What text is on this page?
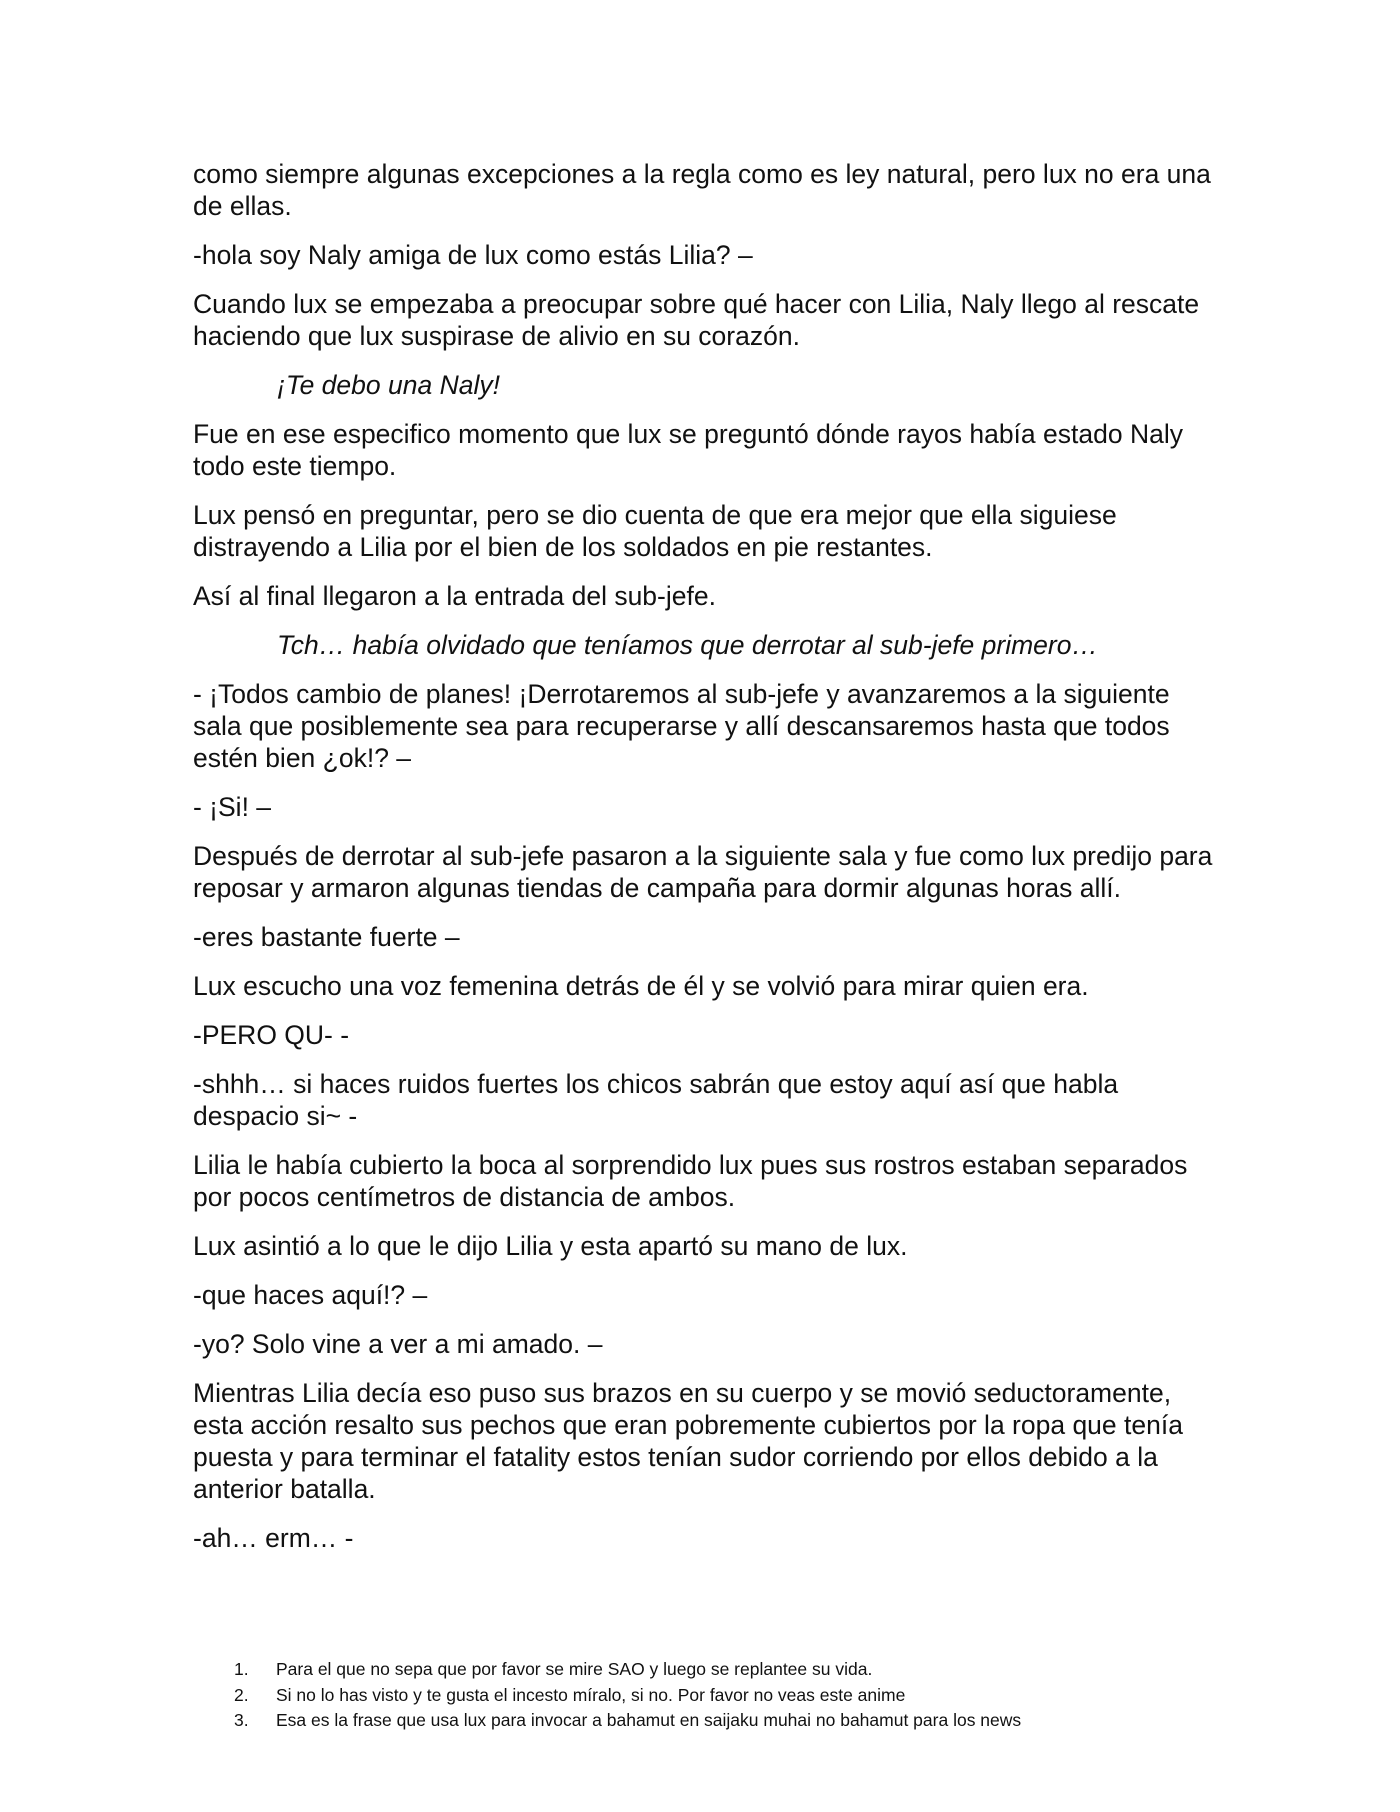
como siempre algunas excepciones a la regla como es ley natural, pero lux no era una de ellas.

-hola soy Naly amiga de lux como estás Lilia? –

Cuando lux se empezaba a preocupar sobre qué hacer con Lilia, Naly llego al rescate haciendo que lux suspirase de alivio en su corazón.

¡Te debo una Naly!

Fue en ese especifico momento que lux se preguntó dónde rayos había estado Naly todo este tiempo.

Lux pensó en preguntar, pero se dio cuenta de que era mejor que ella siguiese distrayendo a Lilia por el bien de los soldados en pie restantes.

Así al final llegaron a la entrada del sub-jefe.

Tch… había olvidado que teníamos que derrotar al sub-jefe primero…

- ¡Todos cambio de planes! ¡Derrotaremos al sub-jefe y avanzaremos a la siguiente sala que posiblemente sea para recuperarse y allí descansaremos hasta que todos estén bien ¿ok!? –

- ¡Si! –

Después de derrotar al sub-jefe pasaron a la siguiente sala y fue como lux predijo para reposar y armaron algunas tiendas de campaña para dormir algunas horas allí.

-eres bastante fuerte –

Lux escucho una voz femenina detrás de él y se volvió para mirar quien era.

-PERO QU- -

-shhh… si haces ruidos fuertes los chicos sabrán que estoy aquí así que habla despacio si~ -

Lilia le había cubierto la boca al sorprendido lux pues sus rostros estaban separados por pocos centímetros de distancia de ambos.

Lux asintió a lo que le dijo Lilia y esta apartó su mano de lux.

-que haces aquí!? –

-yo? Solo vine a ver a mi amado. –

Mientras Lilia decía eso puso sus brazos en su cuerpo y se movió seductoramente, esta acción resalto sus pechos que eran pobremente cubiertos por la ropa que tenía puesta y para terminar el fatality estos tenían sudor corriendo por ellos debido a la anterior batalla.

-ah… erm… -

1.	Para el que no sepa que por favor se mire SAO y luego se replantee su vida.
2.	Si no lo has visto y te gusta el incesto míralo, si no. Por favor no veas este anime
3.	Esa es la frase que usa lux para invocar a bahamut en saijaku muhai no bahamut para los news
